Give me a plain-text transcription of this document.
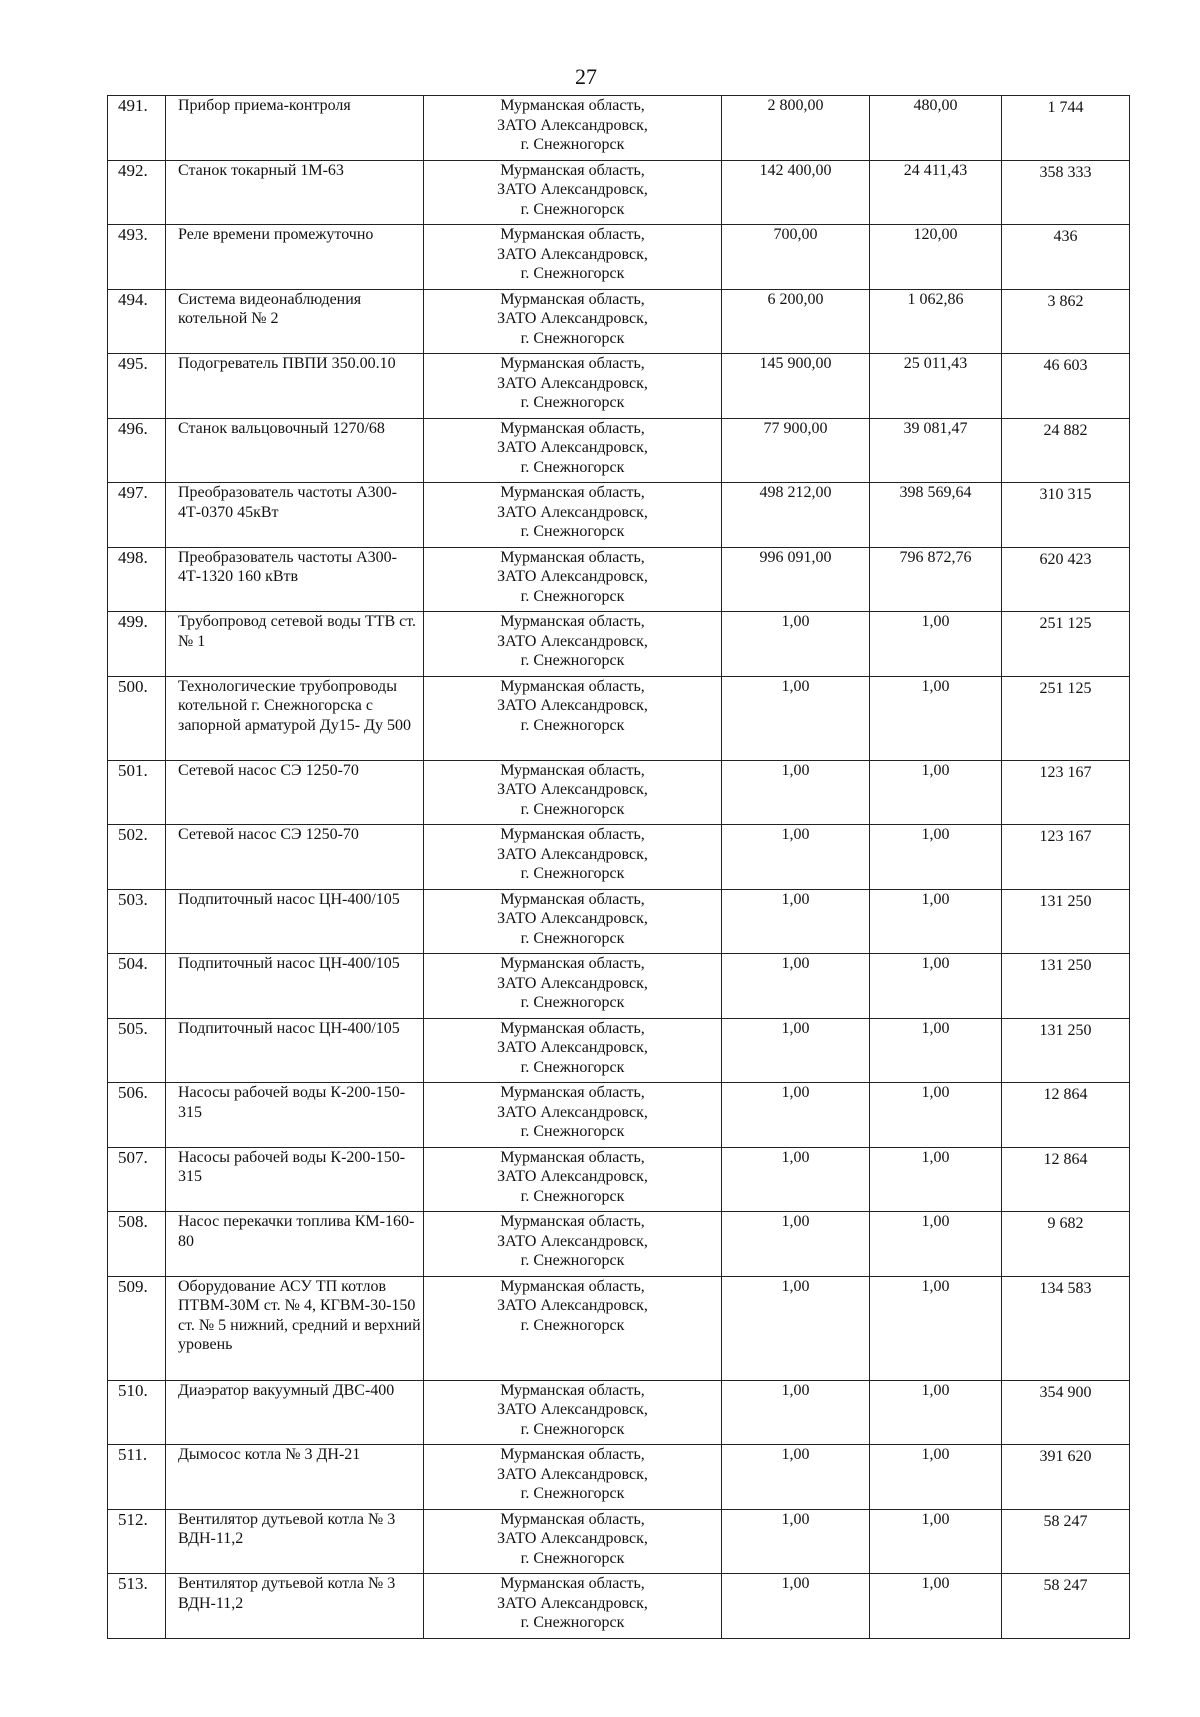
27
491.	Прибор приема-контроля	Мурманская область,
ЗАТО Александровск,
г. Снежногорск	2 800,00	480,00	1 744
492.	Станок токарный 1М-63	Мурманская область,
ЗАТО Александровск,
г. Снежногорск	142 400,00	24 411,43	358 333
493.	Реле времени промежуточно	Мурманская область,
ЗАТО Александровск,
г. Снежногорск	700,00	120,00	436
494.	Система видеонаблюдения котельной № 2	Мурманская область,
ЗАТО Александровск,
г. Снежногорск	6 200,00	1 062,86	3 862
495.	Подогреватель ПВПИ 350.00.10	Мурманская область,
ЗАТО Александровск,
г. Снежногорск	145 900,00	25 011,43	46 603
496.	Станок вальцовочный 1270/68	Мурманская область,
ЗАТО Александровск,
г. Снежногорск	77 900,00	39 081,47	24 882
497.	Преобразователь частоты А300-4Т-0370 45кВт	Мурманская область,
ЗАТО Александровск,
г. Снежногорск	498 212,00	398 569,64	310 315
498.	Преобразователь частоты А300-4Т-1320 160 кВтв	Мурманская область,
ЗАТО Александровск,
г. Снежногорск	996 091,00	796 872,76	620 423
499.	Трубопровод сетевой воды ТТВ ст. № 1	Мурманская область,
ЗАТО Александровск,
г. Снежногорск	1,00	1,00	251 125
500.	Технологические трубопроводы котельной г. Снежногорска с запорной арматурой Ду15- Ду 500	Мурманская область,
ЗАТО Александровск,
г. Снежногорск	1,00	1,00	251 125
501.	Сетевой насос СЭ 1250-70	Мурманская область,
ЗАТО Александровск,
г. Снежногорск	1,00	1,00	123 167
502.	Сетевой насос СЭ 1250-70	Мурманская область,
ЗАТО Александровск,
г. Снежногорск	1,00	1,00	123 167
503.	Подпиточный насос ЦН-400/105	Мурманская область,
ЗАТО Александровск,
г. Снежногорск	1,00	1,00	131 250
504.	Подпиточный насос ЦН-400/105	Мурманская область,
ЗАТО Александровск,
г. Снежногорск	1,00	1,00	131 250
505.	Подпиточный насос ЦН-400/105	Мурманская область,
ЗАТО Александровск,
г. Снежногорск	1,00	1,00	131 250
506.	Насосы рабочей воды К-200-150-315	Мурманская область,
ЗАТО Александровск,
г. Снежногорск	1,00	1,00	12 864
507.	Насосы рабочей воды К-200-150-315	Мурманская область,
ЗАТО Александровск,
г. Снежногорск	1,00	1,00	12 864
508.	Насос перекачки топлива КМ-160-80	Мурманская область,
ЗАТО Александровск,
г. Снежногорск	1,00	1,00	9 682
509.	Оборудование АСУ ТП котлов ПТВМ-30М ст. № 4, КГВМ-30-150 ст. № 5 нижний, средний и верхний уровень	Мурманская область,
ЗАТО Александровск,
г. Снежногорск	1,00	1,00	134 583
510.	Диаэратор вакуумный ДВС-400	Мурманская область,
ЗАТО Александровск,
г. Снежногорск	1,00	1,00	354 900
511.	Дымосос котла № 3 ДН-21	Мурманская область,
ЗАТО Александровск,
г. Снежногорск	1,00	1,00	391 620
512.	Вентилятор дутьевой котла № 3 ВДН-11,2	Мурманская область,
ЗАТО Александровск,
г. Снежногорск	1,00	1,00	58 247
513.	Вентилятор дутьевой котла № 3 ВДН-11,2	Мурманская область,
ЗАТО Александровск,
г. Снежногорск	1,00	1,00	58 247
